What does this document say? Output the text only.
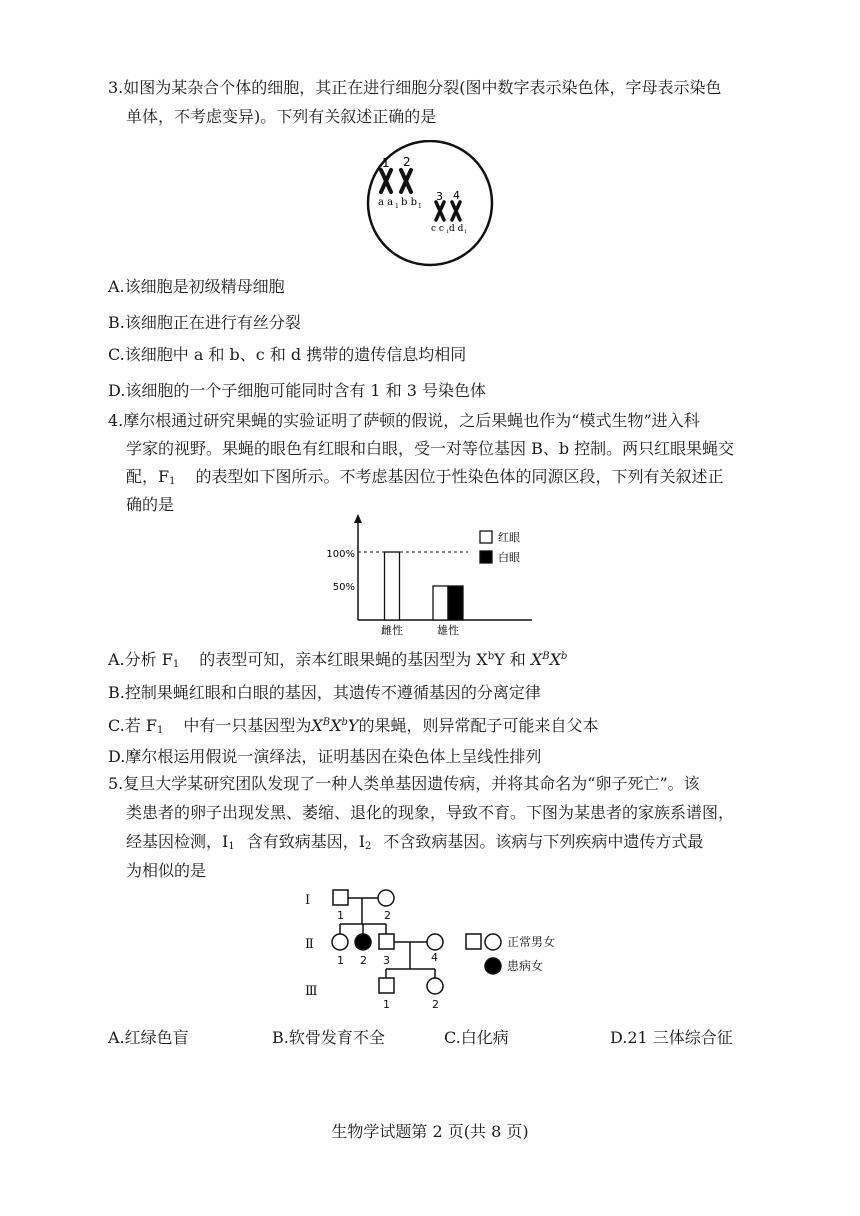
3.如图为某杂合个体的细胞，其正在进行细胞分裂(图中数字表示染色体，字母表示染色
单体，不考虑变异)。下列有关叙述正确的是
1 2
3 4
a a 1 b b 1
c c 1 d d 1
A.该细胞是初级精母细胞
B.该细胞正在进行有丝分裂
C.该细胞中 a 和 b、c 和 d 携带的遗传信息均相同
D.该细胞的一个子细胞可能同时含有 1 和 3 号染色体
4.摩尔根通过研究果蝇的实验证明了萨顿的假说，之后果蝇也作为“模式生物”进入科
学家的视野。果蝇的眼色有红眼和白眼，受一对等位基因 B、b 控制。两只红眼果蝇交
配，$F_1$ 的表型如下图所示。不考虑基因位于性染色体的同源区段，下列有关叙述正
确的是
100%
50%
雌性	雄性
红眼
白眼
A.分析 $F_1$ 的表型可知，亲本红眼果蝇的基因型为 $X^bY$ 和 $X^BX^b$
B.控制果蝇红眼和白眼的基因，其遗传不遵循基因的分离定律
C.若 $F_1$ 中有一只基因型为$X^BX^bY$的果蝇，则异常配子可能来自父本
D.摩尔根运用假说一演绎法，证明基因在染色体上呈线性排列
5.复旦大学某研究团队发现了一种人类单基因遗传病，并将其命名为“卵子死亡”。该
类患者的卵子出现发黑、萎缩、退化的现象，导致不育。下图为某患者的家族系谱图，
经基因检测，$Ⅰ_1$ 含有致病基因，$Ⅰ_2$ 不含致病基因。该病与下列疾病中遗传方式最
为相似的是
Ⅰ
Ⅱ
Ⅲ
1	2
1 2 3	4
1	2
正常男女
患病女
A.红绿色盲	B.软骨发育不全	C.白化病	D.21 三体综合征
生物学试题第 2 页(共 8 页)
